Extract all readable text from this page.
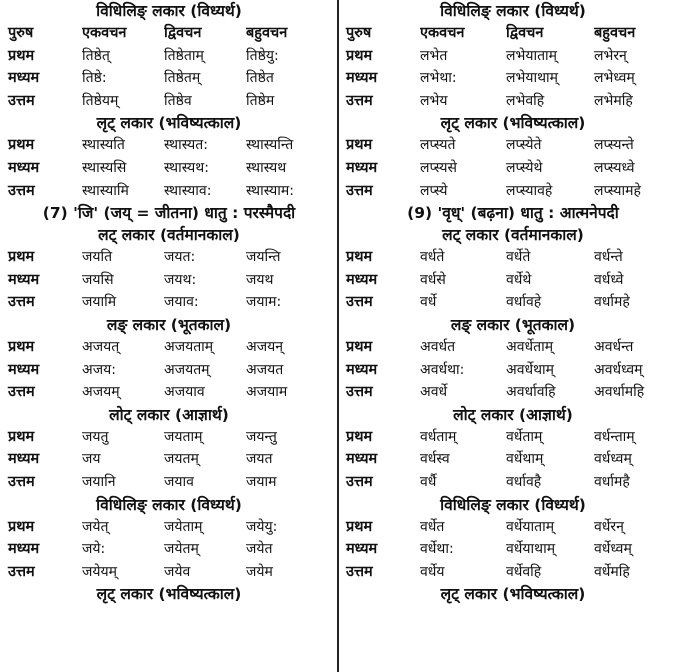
विधिलिङ् लकार (विध्यर्थ)
पुरुष	एकवचन	द्विवचन	बहुवचन
प्रथम	तिष्ठेत्	तिष्ठेताम्	तिष्ठेयु:
मध्यम	तिष्ठे:	तिष्ठेतम्	तिष्ठेत
उत्तम	तिष्ठेयम्	तिष्ठेव	तिष्ठेम
लृट् लकार (भविष्यत्काल)
प्रथम	स्थास्यति	स्थास्यत:	स्थास्यन्ति
मध्यम	स्थास्यसि	स्थास्यथ:	स्थास्यथ
उत्तम	स्थास्यामि	स्थास्याव:	स्थास्याम:
(7) 'जि' (जय् = जीतना) धातु : परस्मैपदी
लट् लकार (वर्तमानकाल)
प्रथम	जयति	जयत:	जयन्ति
मध्यम	जयसि	जयथ:	जयथ
उत्तम	जयामि	जयाव:	जयाम:
लङ् लकार (भूतकाल)
प्रथम	अजयत्	अजयताम्	अजयन्
मध्यम	अजय:	अजयतम्	अजयत
उत्तम	अजयम्	अजयाव	अजयाम
लोट् लकार (आज्ञार्थ)
प्रथम	जयतु	जयताम्	जयन्तु
मध्यम	जय	जयतम्	जयत
उत्तम	जयानि	जयाव	जयाम
विधिलिङ् लकार (विध्यर्थ)
प्रथम	जयेत्	जयेताम्	जयेयु:
मध्यम	जये:	जयेतम्	जयेत
उत्तम	जयेयम्	जयेव	जयेम
लृट् लकार (भविष्यत्काल)
विधिलिङ् लकार (विध्यर्थ)
पुरुष	एकवचन	द्विवचन	बहुवचन
प्रथम	लभेत	लभेयाताम्	लभेरन्
मध्यम	लभेथा:	लभेयाथाम्	लभेध्वम्
उत्तम	लभेय	लभेवहि	लभेमहि
लृट् लकार (भविष्यत्काल)
प्रथम	लप्स्यते	लप्स्येते	लप्स्यन्ते
मध्यम	लप्स्यसे	लप्स्येथे	लप्स्यध्वे
उत्तम	लप्स्ये	लप्स्यावहे	लप्स्यामहे
(9) 'वृध्' (बढ़ना) धातु : आत्मनेपदी
लट् लकार (वर्तमानकाल)
प्रथम	वर्धते	वर्धेते	वर्धन्ते
मध्यम	वर्धसे	वर्धेथे	वर्धध्वे
उत्तम	वर्धे	वर्धावहे	वर्धामहे
लङ् लकार (भूतकाल)
प्रथम	अवर्धत	अवर्धेताम्	अवर्धन्त
मध्यम	अवर्धथा:	अवर्धेथाम्	अवर्धध्वम्
उत्तम	अवर्धे	अवर्धावहि	अवर्धामहि
लोट् लकार (आज्ञार्थ)
प्रथम	वर्धताम्	वर्धेताम्	वर्धन्ताम्
मध्यम	वर्धस्व	वर्धेथाम्	वर्धध्वम्
उत्तम	वर्धै	वर्धावहै	वर्धामहै
विधिलिङ् लकार (विध्यर्थ)
प्रथम	वर्धेत	वर्धेयाताम्	वर्धेरन्
मध्यम	वर्धेथा:	वर्धेयाथाम्	वर्धेध्वम्
उत्तम	वर्धेय	वर्धेवहि	वर्धेमहि
लृट् लकार (भविष्यत्काल)
